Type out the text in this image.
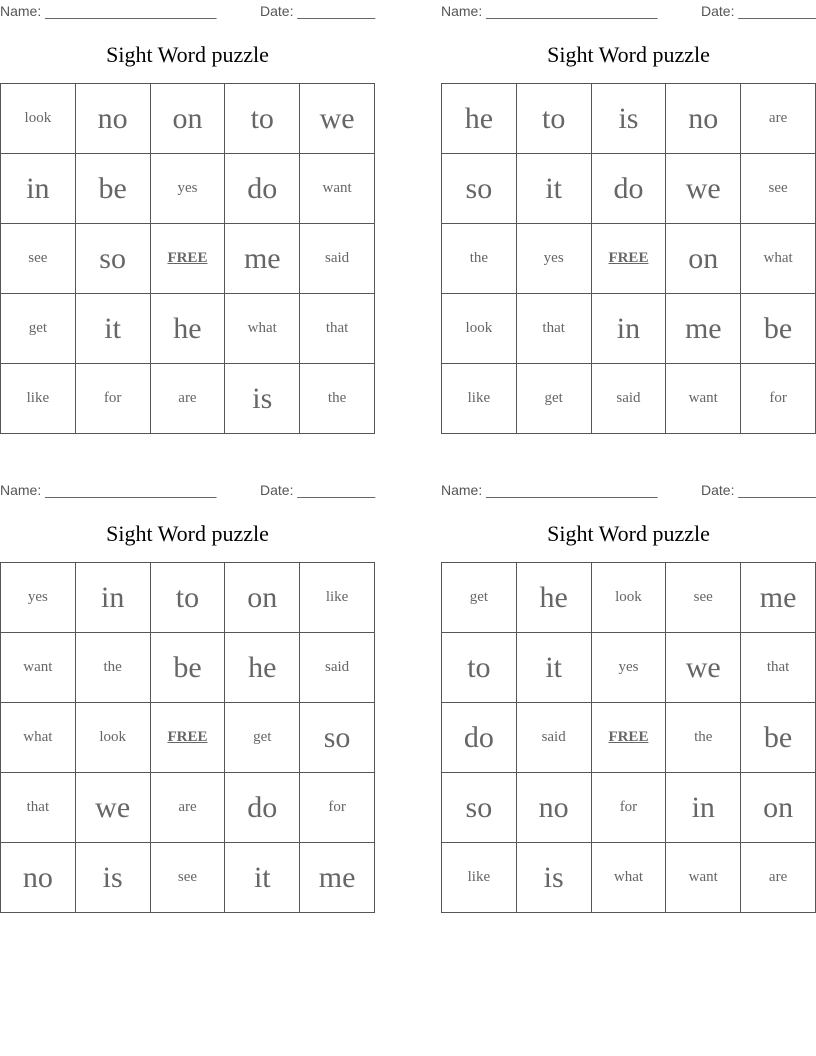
Name: ______________________	Date: __________
Sight Word puzzle
look	no	on	to	we
in	be	yes	do	want
see	so	FREE	me	said
get	it	he	what	that
like	for	are	is	the
Name: ______________________	Date: __________
Sight Word puzzle
he	to	is	no	are
so	it	do	we	see
the	yes	FREE	on	what
look	that	in	me	be
like	get	said	want	for
Name: ______________________	Date: __________
Sight Word puzzle
yes	in	to	on	like
want	the	be	he	said
what	look	FREE	get	so
that	we	are	do	for
no	is	see	it	me
Name: ______________________	Date: __________
Sight Word puzzle
get	he	look	see	me
to	it	yes	we	that
do	said	FREE	the	be
so	no	for	in	on
like	is	what	want	are
